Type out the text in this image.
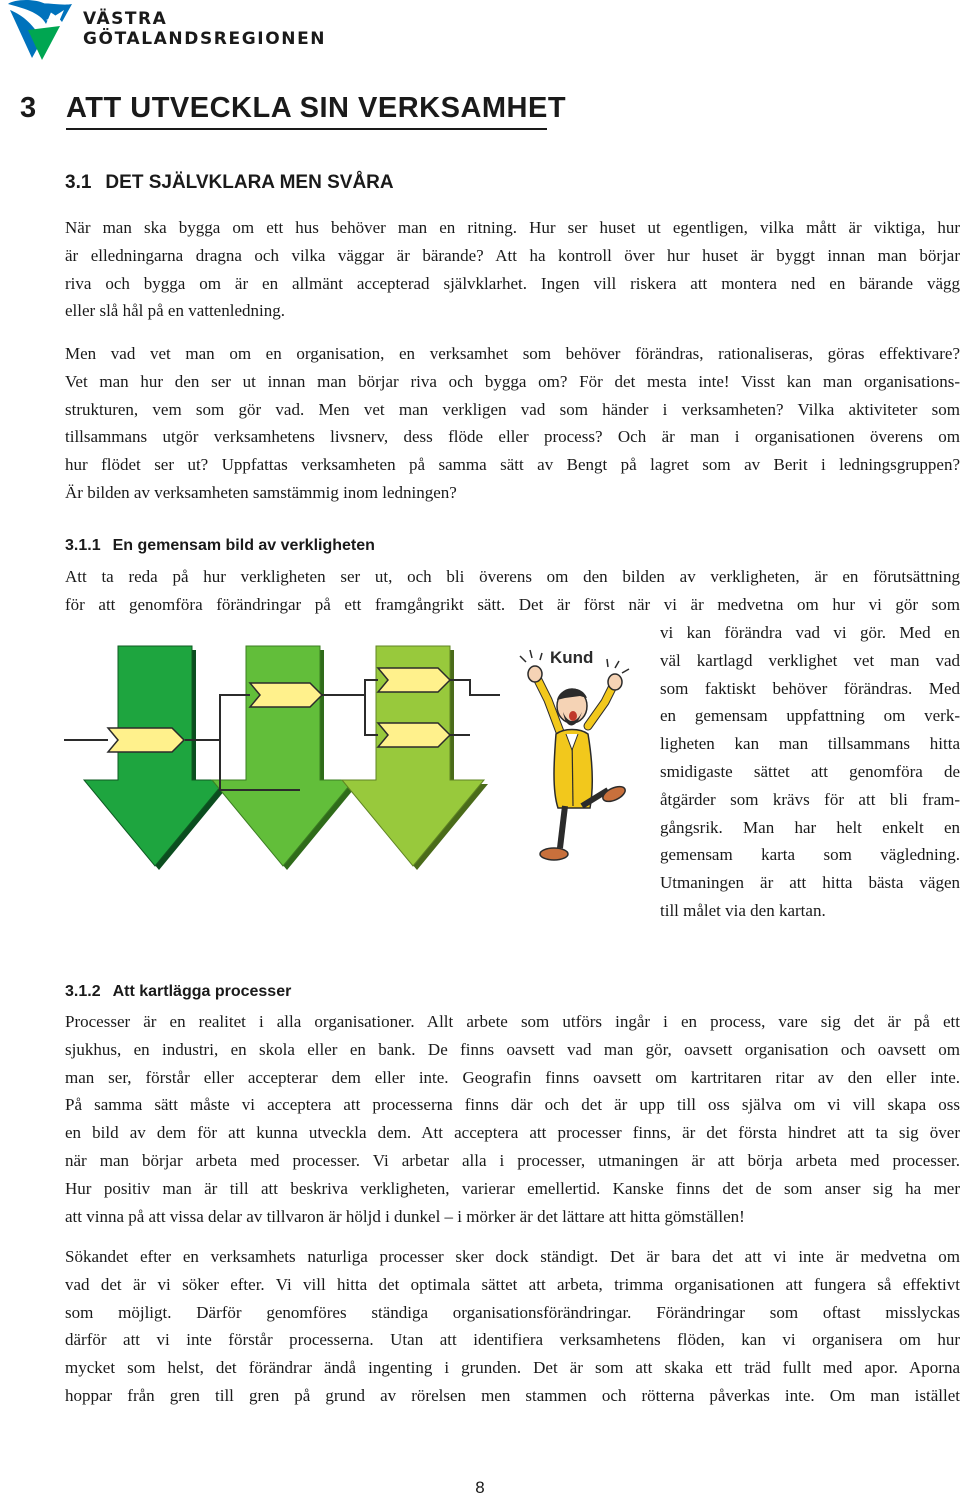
VÄSTRA
GÖTALANDSREGIONEN
3 ATT UTVECKLA SIN VERKSAMHET
3.1 DET SJÄLVKLARA MEN SVÅRA
När man ska bygga om ett hus behöver man en ritning. Hur ser huset ut egentligen, vilka mått är viktiga, hur
är elledningarna dragna och vilka väggar är bärande? Att ha kontroll över hur huset är byggt innan man börjar
riva och bygga om är en allmänt accepterad självklarhet. Ingen vill riskera att montera ned en bärande vägg
eller slå hål på en vattenledning.
Men vad vet man om en organisation, en verksamhet som behöver förändras, rationaliseras, göras effektivare?
Vet man hur den ser ut innan man börjar riva och bygga om? För det mesta inte! Visst kan man organisations-
strukturen, vem som gör vad. Men vet man verkligen vad som händer i verksamheten? Vilka aktiviteter som
tillsammans utgör verksamhetens livsnerv, dess flöde eller process? Och är man i organisationen överens om
hur flödet ser ut? Uppfattas verksamheten på samma sätt av Bengt på lagret som av Berit i ledningsgruppen?
Är bilden av verksamheten samstämmig inom ledningen?
3.1.1 En gemensam bild av verkligheten
Att ta reda på hur verkligheten ser ut, och bli överens om den bilden av verkligheten, är en förutsättning
för att genomföra förändringar på ett framgångrikt sätt. Det är först när vi är medvetna om hur vi gör som
vi kan förändra vad vi gör. Med en
väl kartlagd verklighet vet man vad
som faktiskt behöver förändras. Med
en gemensam uppfattning om verk-
ligheten kan man tillsammans hitta
smidigaste sättet att genomföra de
åtgärder som krävs för att bli fram-
gångsrik. Man har helt enkelt en
gemensam karta som vägledning.
Utmaningen är att hitta bästa vägen
till målet via den kartan.
Kund
3.1.2 Att kartlägga processer
Processer är en realitet i alla organisationer. Allt arbete som utförs ingår i en process, vare sig det är på ett
sjukhus, en industri, en skola eller en bank. De finns oavsett vad man gör, oavsett organisation och oavsett om
man ser, förstår eller accepterar dem eller inte. Geografin finns oavsett om kartritaren ritar av den eller inte.
På samma sätt måste vi acceptera att processerna finns där och det är upp till oss själva om vi vill skapa oss
en bild av dem för att kunna utveckla dem. Att acceptera att processer finns, är det första hindret att ta sig över
när man börjar arbeta med processer. Vi arbetar alla i processer, utmaningen är att börja arbeta med processer.
Hur positiv man är till att beskriva verkligheten, varierar emellertid. Kanske finns det de som anser sig ha mer
att vinna på att vissa delar av tillvaron är höljd i dunkel – i mörker är det lättare att hitta gömställen!
Sökandet efter en verksamhets naturliga processer sker dock ständigt. Det är bara det att vi inte är medvetna om
vad det är vi söker efter. Vi vill hitta det optimala sättet att arbeta, trimma organisationen att fungera så effektivt
som möjligt. Därför genomföres ständiga organisationsförändringar. Förändringar som oftast misslyckas
därför att vi inte förstår processerna. Utan att identifiera verksamhetens flöden, kan vi organisera om hur
mycket som helst, det förändrar ändå ingenting i grunden. Det är som att skaka ett träd fullt med apor. Aporna
hoppar från gren till gren på grund av rörelsen men stammen och rötterna påverkas inte. Om man istället
8
